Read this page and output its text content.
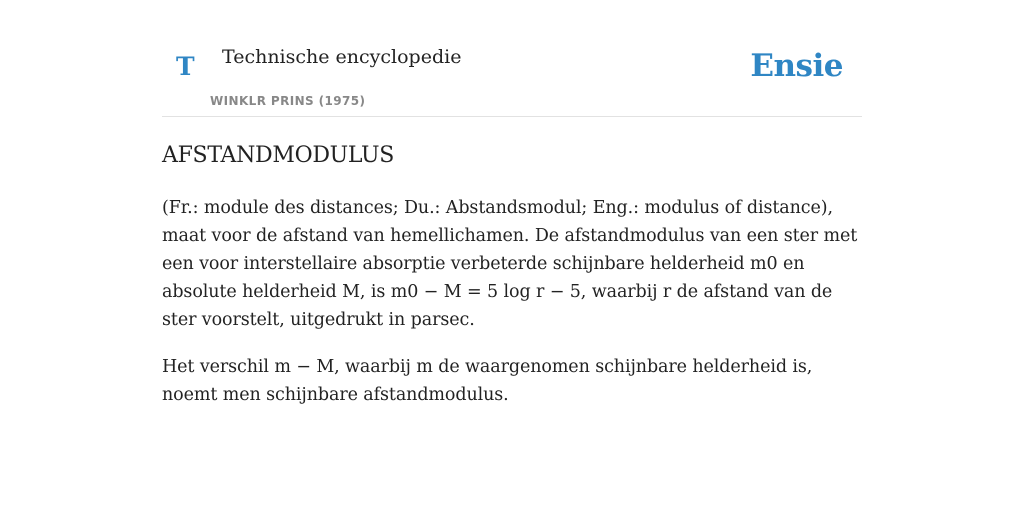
T Technische encyclopedie
WINKLR PRINS (1975)
Ensie
AFSTANDMODULUS

(Fr.: module des distances; Du.: Abstandsmodul; Eng.: modulus of distance), maat voor de afstand van hemellichamen. De afstandmodulus van een ster met een voor interstellaire absorptie verbeterde schijnbare helderheid m0 en absolute helderheid M, is m0 − M = 5 log r − 5, waarbij r de afstand van de ster voorstelt, uitgedrukt in parsec.

Het verschil m − M, waarbij m de waargenomen schijnbare helderheid is, noemt men schijnbare afstandmodulus.
